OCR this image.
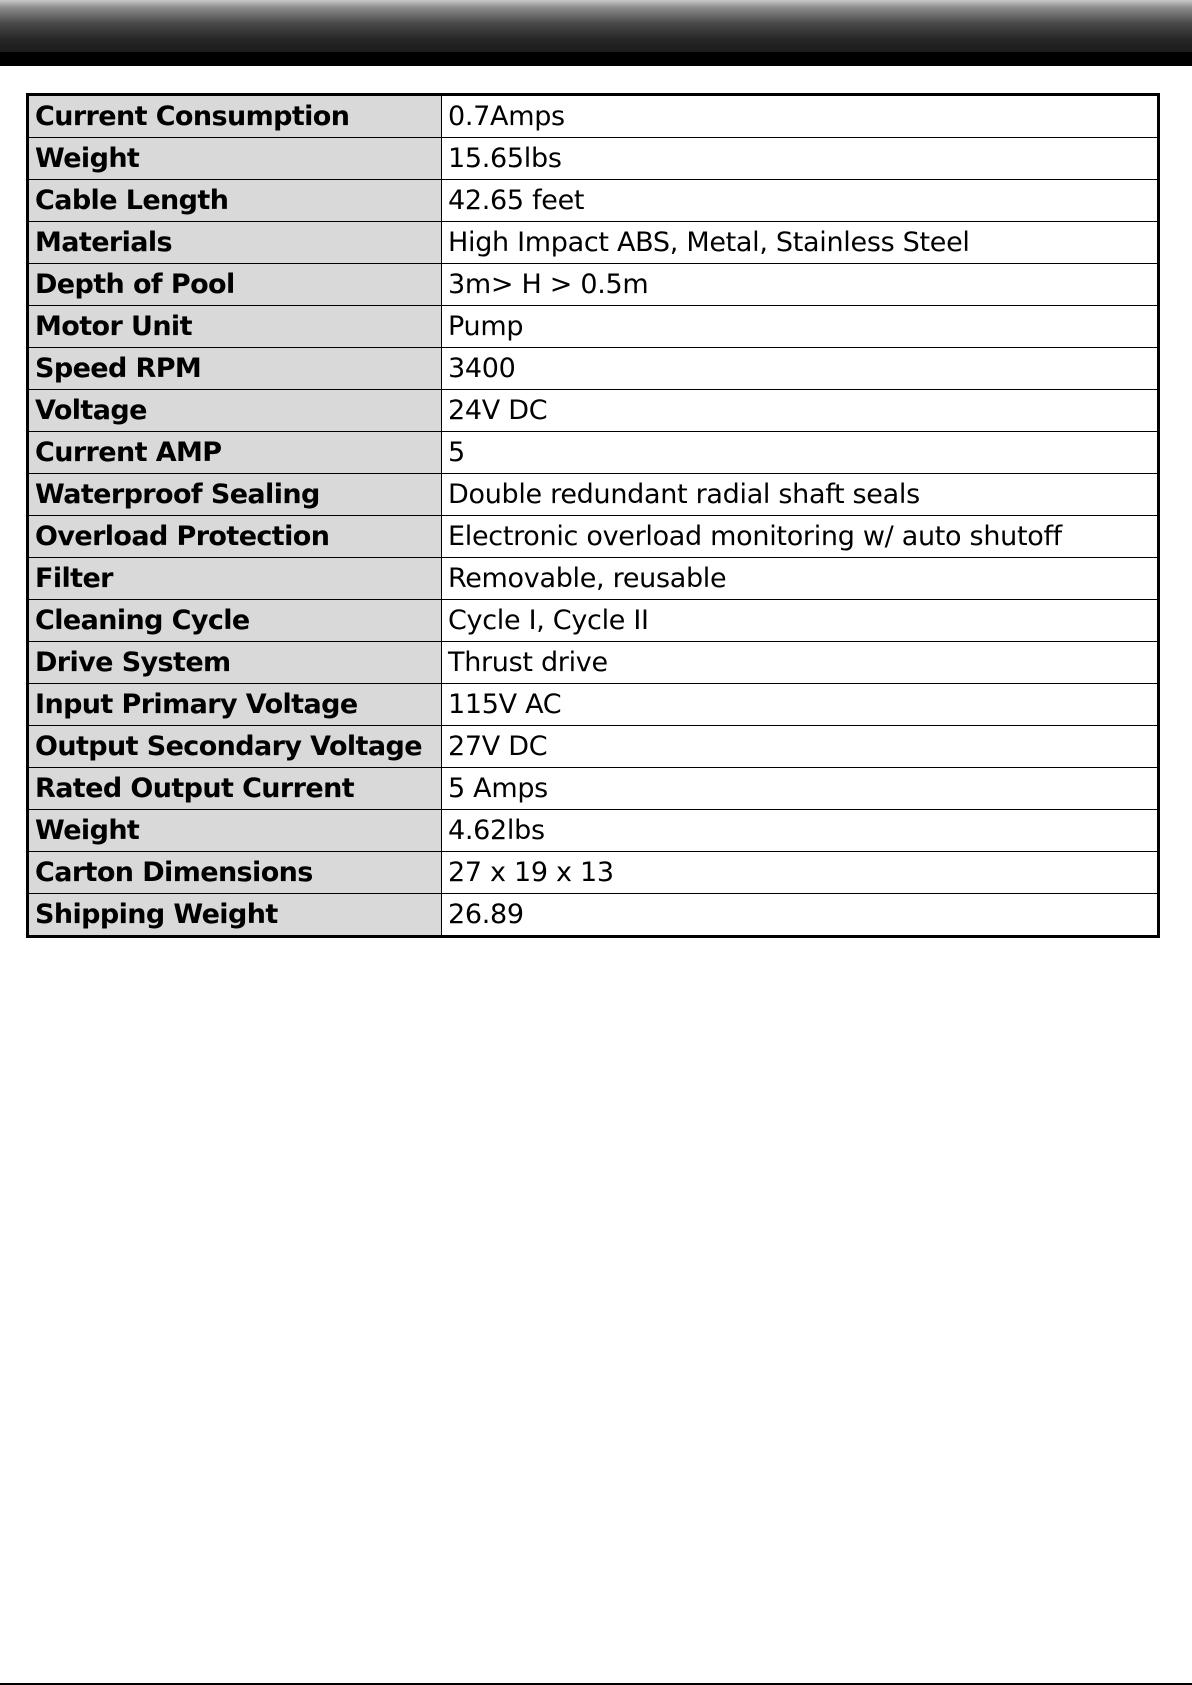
Current Consumption	0.7Amps
Weight	15.65lbs
Cable Length	42.65 feet
Materials	High Impact ABS, Metal, Stainless Steel
Depth of Pool	3m> H > 0.5m
Motor Unit	Pump
Speed RPM	3400
Voltage	24V DC
Current AMP	5
Waterproof Sealing	Double redundant radial shaft seals
Overload Protection	Electronic overload monitoring w/ auto shutoff
Filter	Removable, reusable
Cleaning Cycle	Cycle I, Cycle II
Drive System	Thrust drive
Input Primary Voltage	115V AC
Output Secondary Voltage	27V DC
Rated Output Current	5 Amps
Weight	4.62lbs
Carton Dimensions	27 x 19 x 13
Shipping Weight	26.89
